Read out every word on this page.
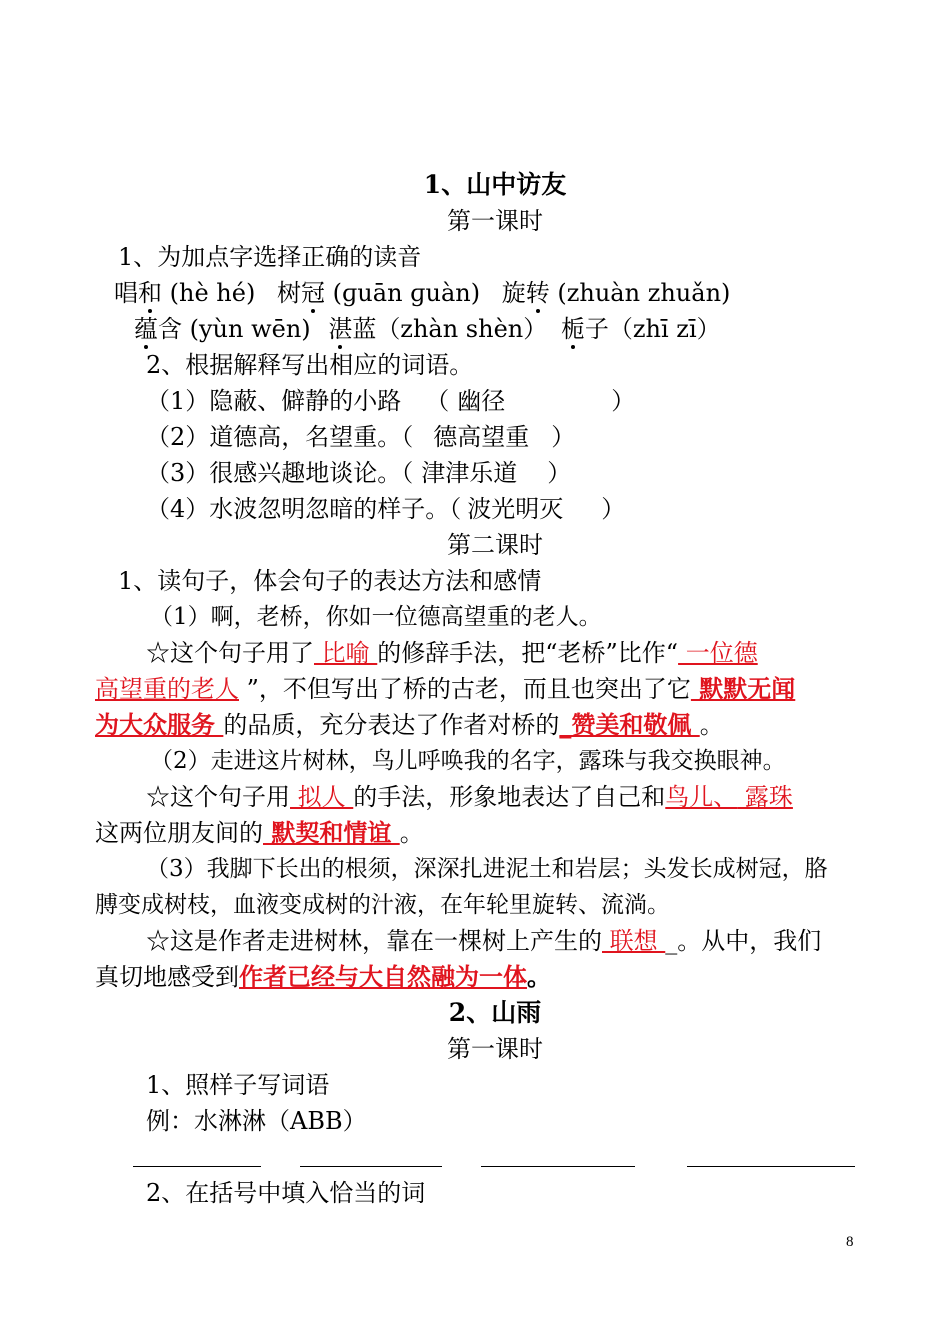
1、山中访友
第一课时
1、为加点字选择正确的读音
唱和 (hè hé) 树冠 (ɡuān ɡuàn) 旋转 (zhuàn zhuǎn)
蕴含 (yùn wēn) 湛蓝（zhàn shèn） 栀子（zhī zī）
2、根据解释写出相应的词语。
（1）隐蔽、僻静的小路 （ 幽径	）
（2）道德高，名望重。（ 德高望重 ）
（3）很感兴趣地谈论。（ 津津乐道 ）
（4）水波忽明忽暗的样子。（ 波光明灭 ）
第二课时
1、读句子，体会句子的表达方法和感情
（1）啊，老桥，你如一位德高望重的老人。
☆这个句子用了 比喻 的修辞手法，把“老桥”比作“ 一位德
高望重的老人 ”，不但写出了桥的古老，而且也突出了它 默默无闻
为大众服务 的品质，充分表达了作者对桥的_赞美和敬佩 。
（2）走进这片树林，鸟儿呼唤我的名字，露珠与我交换眼神。
☆这个句子用 拟人 的手法，形象地表达了自己和鸟儿、 露珠
这两位朋友间的 默契和情谊 。
（3）我脚下长出的根须，深深扎进泥土和岩层；头发长成树冠，胳
膊变成树枝，血液变成树的汁液，在年轮里旋转、流淌。
☆这是作者走进树林，靠在一棵树上产生的 联想 _。从中，我们
真切地感受到作者已经与大自然融为一体。
2、山雨
第一课时
1、照样子写词语
例：水淋淋（ABB）
2、在括号中填入恰当的词
8
